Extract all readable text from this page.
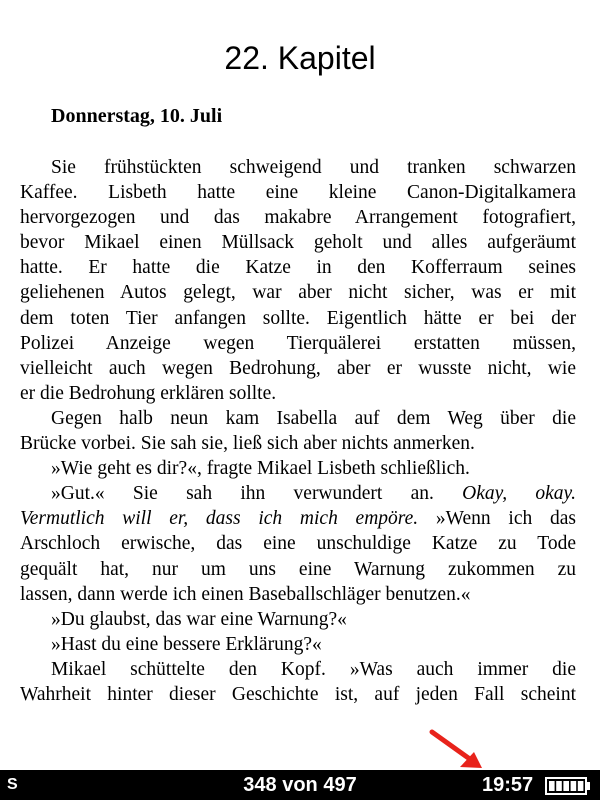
22. Kapitel
Donnerstag, 10. Juli

Sie frühstückten schweigend und tranken schwarzen
Kaffee. Lisbeth hatte eine kleine Canon-Digitalkamera
hervorgezogen und das makabre Arrangement fotografiert,
bevor Mikael einen Müllsack geholt und alles aufgeräumt
hatte. Er hatte die Katze in den Kofferraum seines
geliehenen Autos gelegt, war aber nicht sicher, was er mit
dem toten Tier anfangen sollte. Eigentlich hätte er bei der
Polizei Anzeige wegen Tierquälerei erstatten müssen,
vielleicht auch wegen Bedrohung, aber er wusste nicht, wie
er die Bedrohung erklären sollte.

Gegen halb neun kam Isabella auf dem Weg über die
Brücke vorbei. Sie sah sie, ließ sich aber nichts anmerken.

»Wie geht es dir?«, fragte Mikael Lisbeth schließlich.

»Gut.« Sie sah ihn verwundert an. Okay, okay.
Vermutlich will er, dass ich mich empöre. »Wenn ich das
Arschloch erwische, das eine unschuldige Katze zu Tode
gequält hat, nur um uns eine Warnung zukommen zu
lassen, dann werde ich einen Baseballschläger benutzen.«

»Du glaubst, das war eine Warnung?«

»Hast du eine bessere Erklärung?«

Mikael schüttelte den Kopf. »Was auch immer die
Wahrheit hinter dieser Geschichte ist, auf jeden Fall scheint

S	348 von 497	19:57
